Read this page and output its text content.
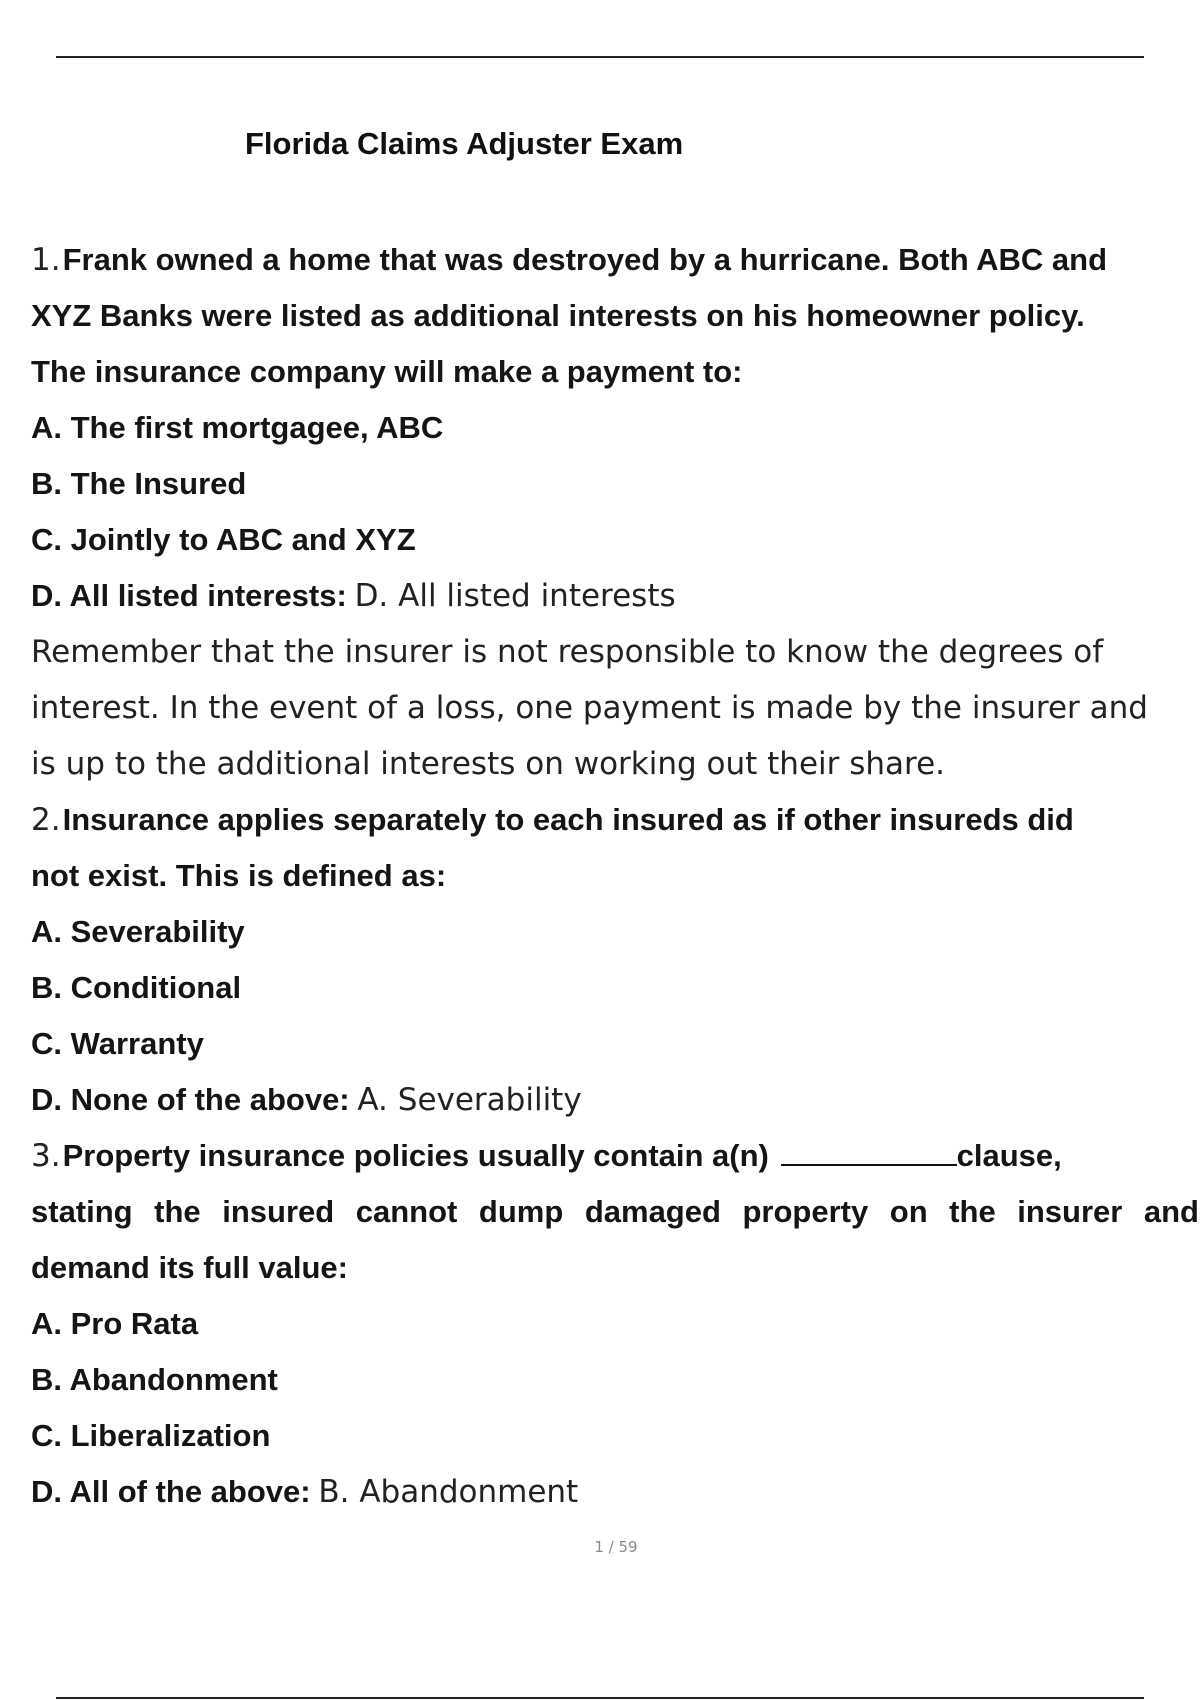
Florida Claims Adjuster Exam
1.Frank owned a home that was destroyed by a hurricane. Both ABC and
XYZ Banks were listed as additional interests on his homeowner policy.
The insurance company will make a payment to:
A. The first mortgagee, ABC
B. The Insured
C. Jointly to ABC and XYZ
D. All listed interests: D. All listed interests
Remember that the insurer is not responsible to know the degrees of
interest. In the event of a loss, one payment is made by the insurer and
is up to the additional interests on working out their share.
2.Insurance applies separately to each insured as if other insureds did
not exist. This is defined as:
A. Severability
B. Conditional
C. Warranty
D. None of the above: A. Severability
3.Property insurance policies usually contain a(n)	clause,
stating the insured cannot dump damaged property on the insurer and
demand its full value:
A. Pro Rata
B. Abandonment
C. Liberalization
D. All of the above: B. Abandonment
1 / 59
